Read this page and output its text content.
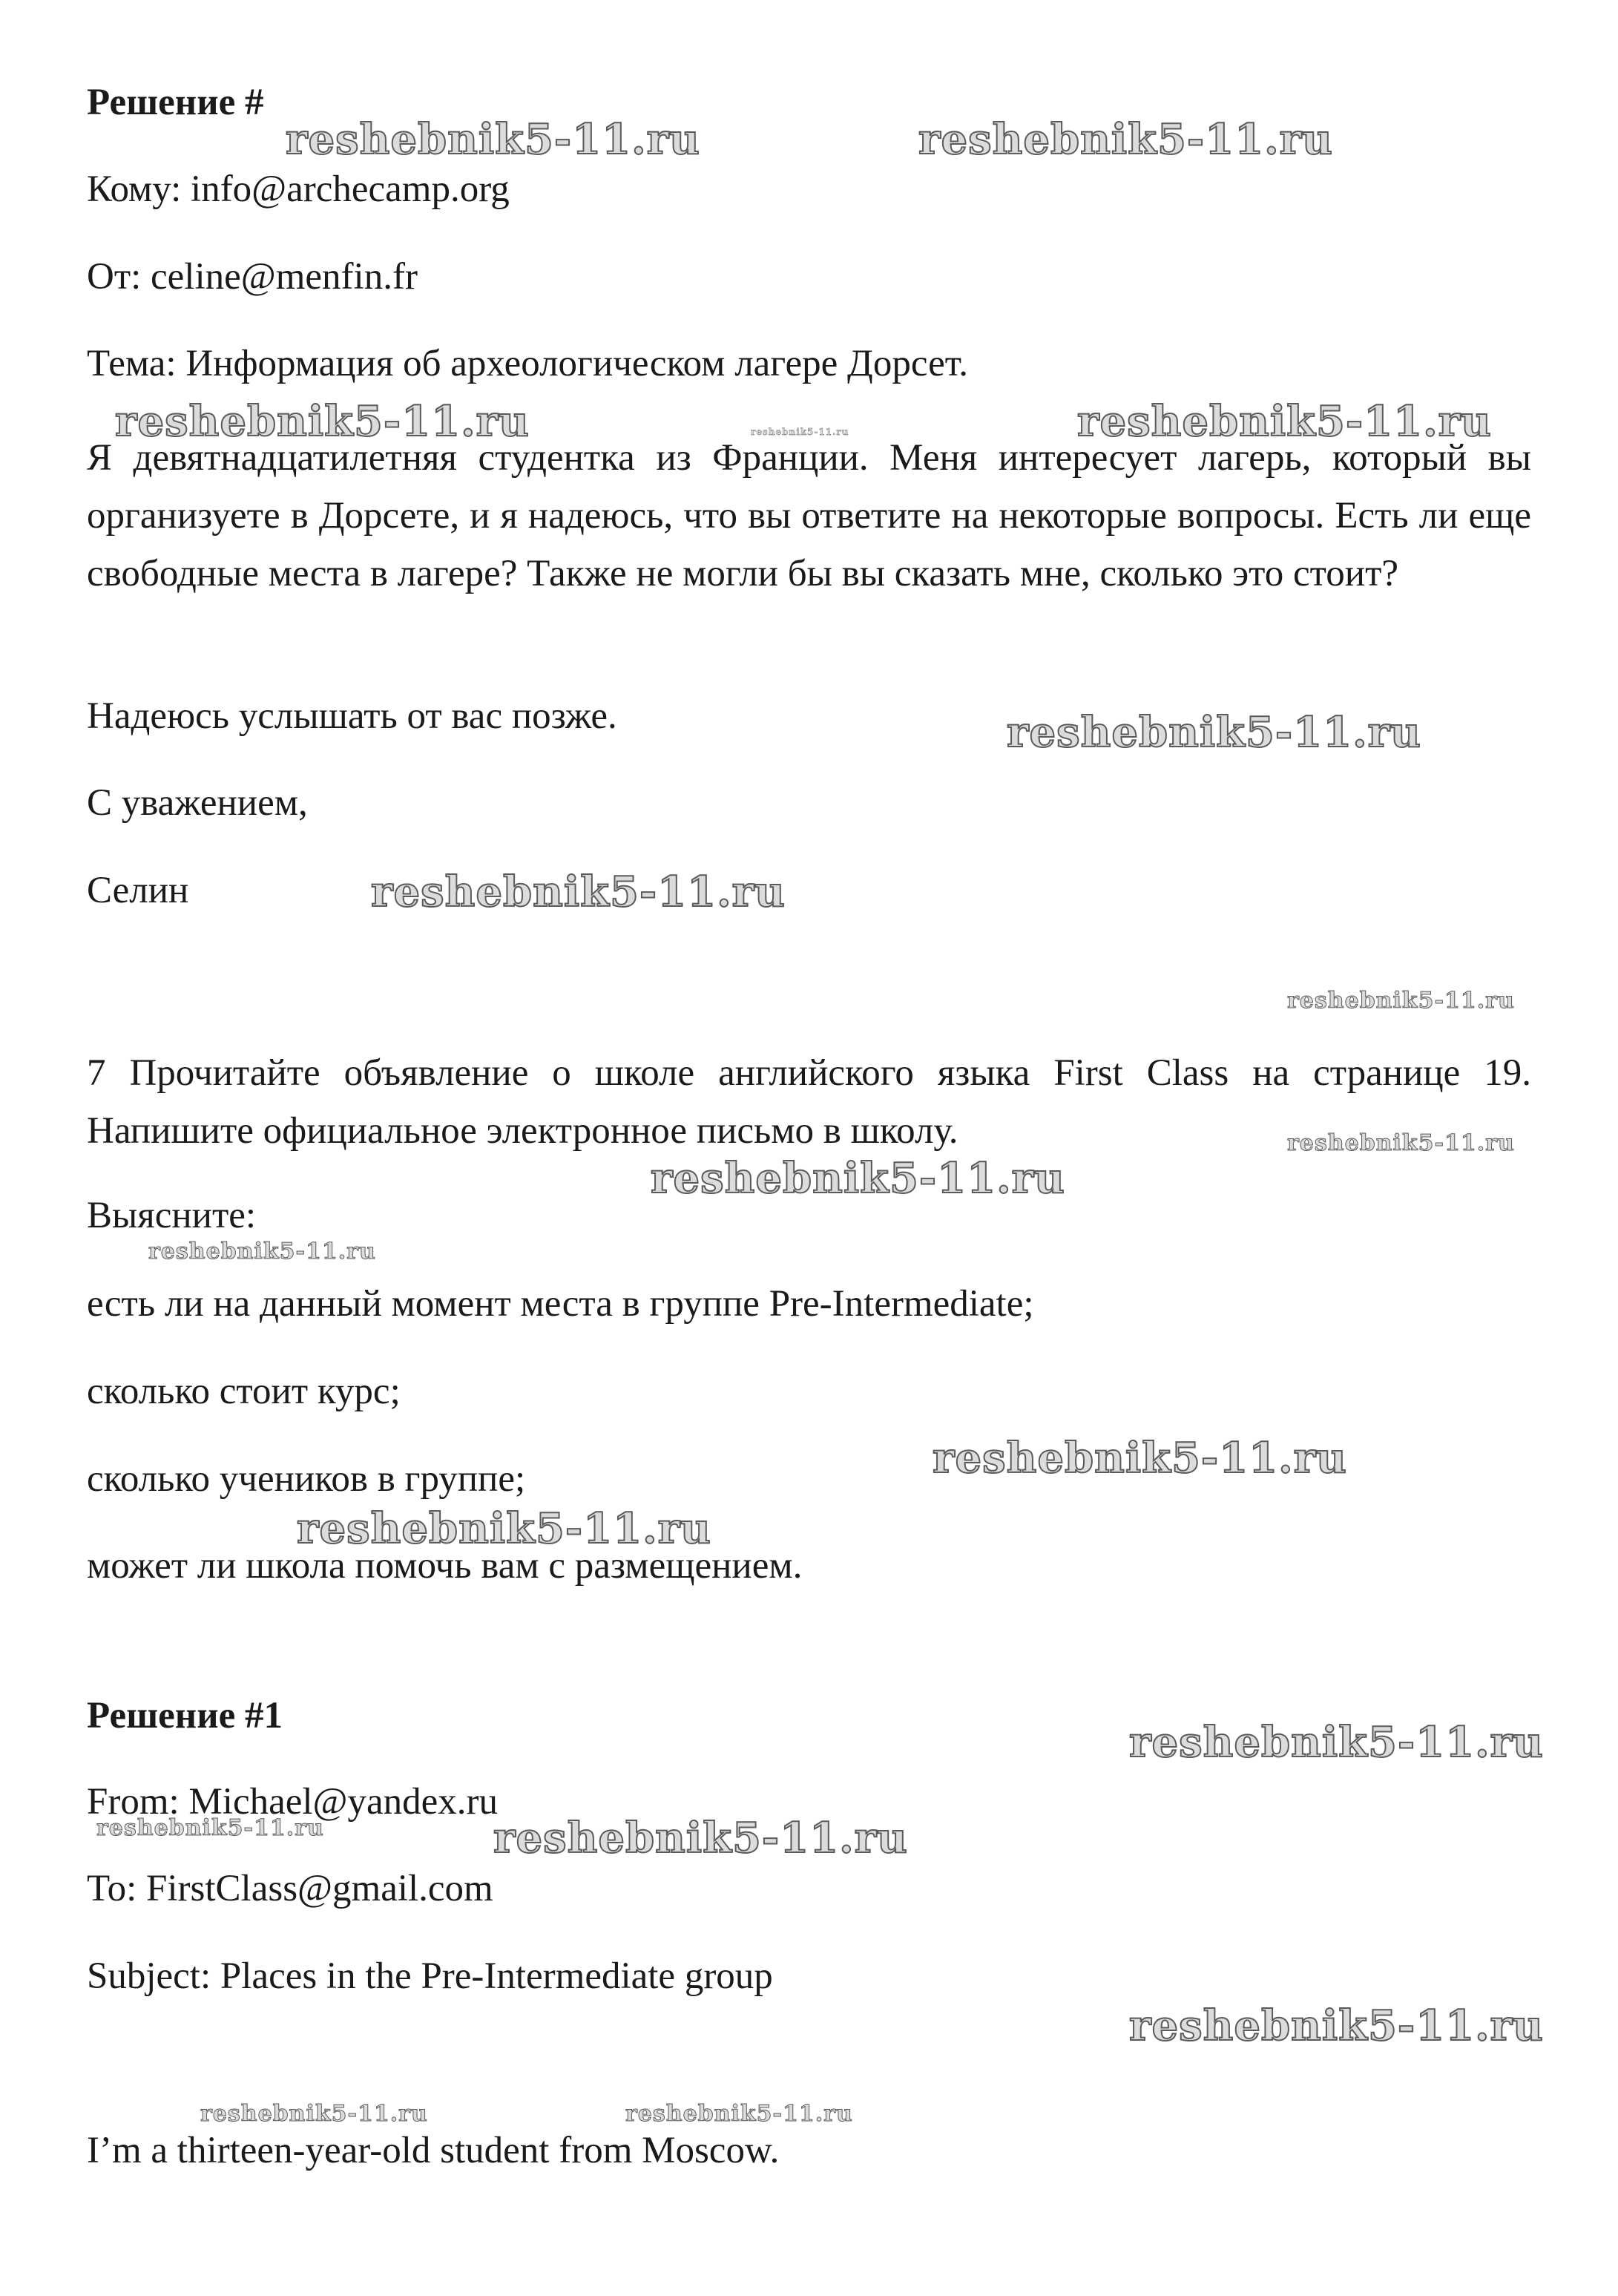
Решение #
Кому: info@archecamp.org
От: celine@menfin.fr
Тема: Информация об археологическом лагере Дорсет.
Я девятнадцатилетняя студентка из Франции. Меня интересует лагерь, который вы организуете в Дорсете, и я надеюсь, что вы ответите на некоторые вопросы. Есть ли еще свободные места в лагере? Также не могли бы вы сказать мне, сколько это стоит?
Надеюсь услышать от вас позже.
С уважением,
Селин
7 Прочитайте объявление о школе английского языка First Class на странице 19. Напишите официальное электронное письмо в школу.
Выясните:
есть ли на данный момент места в группе Pre-Intermediate;
сколько стоит курс;
сколько учеников в группе;
может ли школа помочь вам с размещением.
Решение #1
From: Michael@yandex.ru
To: FirstClass@gmail.com
Subject: Places in the Pre-Intermediate group
I’m a thirteen-year-old student from Moscow.
reshebnik5-11.ru	reshebnik5-11.ru
reshebnik5-11.ru	reshebnik5-11.ru	reshebnik5-11.ru
reshebnik5-11.ru
reshebnik5-11.ru
reshebnik5-11.ru
reshebnik5-11.ru
reshebnik5-11.ru
reshebnik5-11.ru
reshebnik5-11.ru
reshebnik5-11.ru
reshebnik5-11.ru
reshebnik5-11.ru	reshebnik5-11.ru
reshebnik5-11.ru
reshebnik5-11.ru	reshebnik5-11.ru
